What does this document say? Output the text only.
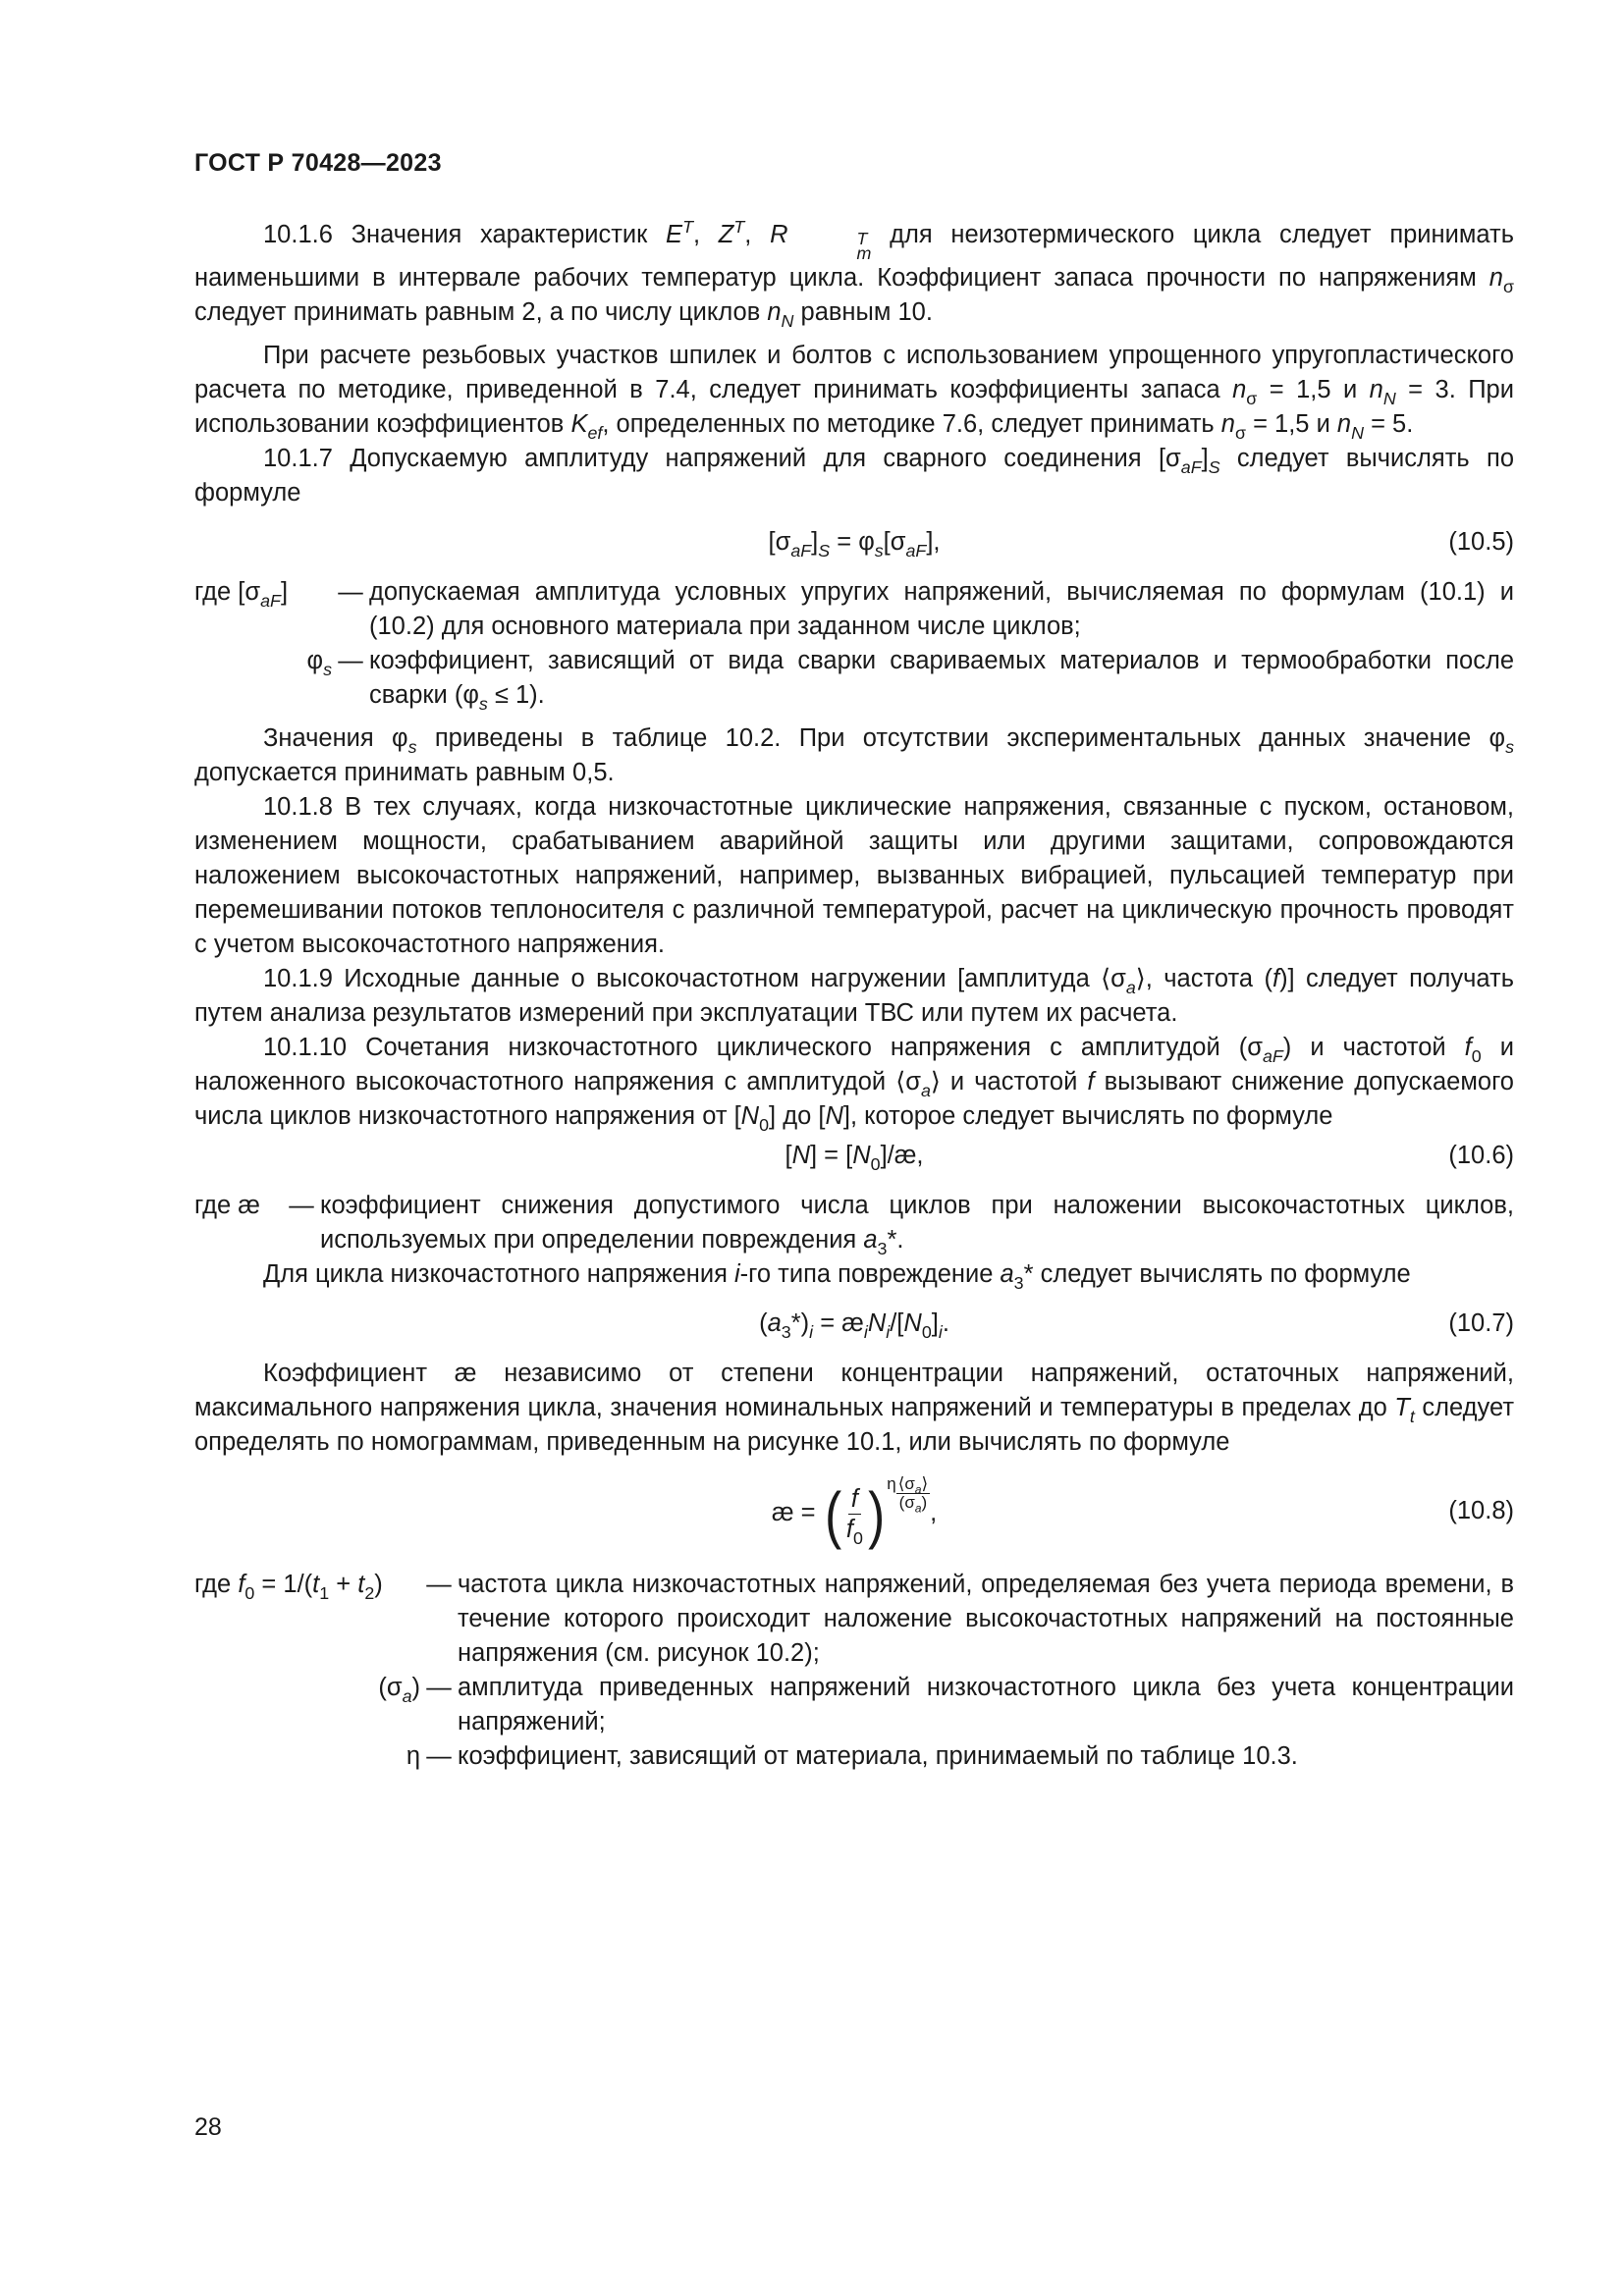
ГОСТ Р 70428—2023

10.1.6 Значения характеристик $E^T$, $Z^T$, R	T
m
для неизотермического цикла следует принимать наименьшими в интервале рабочих температур цикла. Коэффициент запаса прочности по напряжениям $n_\sigma$ следует принимать равным 2, а по числу циклов $n_N$ равным 10.

При расчете резьбовых участков шпилек и болтов с использованием упрощенного упругопластического расчета по методике, приведенной в 7.4, следует принимать коэффициенты запаса $n_\sigma = 1,5$ и $n_N = 3$. При использовании коэффициентов $K_{ef}$, определенных по методике 7.6, следует принимать $n_\sigma = 1,5$ и $n_N = 5$.

10.1.7 Допускаемую амплитуду напряжений для сварного соединения $[\sigma_{aF}]_S$ следует вычислять по формуле

$[\sigma_{aF}]_S = \varphi_s[\sigma_{aF}]$,	(10.5)
где $[\sigma_{aF}]$	— допускаемая амплитуда условных упругих напряжений, вычисляемая по формулам (10.1) и (10.2) для основного материала при заданном числе циклов;
$\varphi_s$ — коэффициент, зависящий от вида сварки свариваемых материалов и термообработки после сварки $(\varphi_s \le 1)$.

Значения $\varphi_s$ приведены в таблице 10.2. При отсутствии экспериментальных данных значение $\varphi_s$ допускается принимать равным 0,5.

10.1.8 В тех случаях, когда низкочастотные циклические напряжения, связанные с пуском, остановом, изменением мощности, срабатыванием аварийной защиты или другими защитами, сопровождаются наложением высокочастотных напряжений, например, вызванных вибрацией, пульсацией температур при перемешивании потоков теплоносителя с различной температурой, расчет на циклическую прочность проводят с учетом высокочастотного напряжения.

10.1.9 Исходные данные о высокочастотном нагружении [амплитуда $⟨\sigma_a⟩$, частота (f)] следует получать путем анализа результатов измерений при эксплуатации ТВС или путем их расчета.

10.1.10 Сочетания низкочастотного циклического напряжения с амплитудой $(\sigma_{aF})$ и частотой $f_0$ и наложенного высокочастотного напряжения с амплитудой $⟨\sigma_a⟩$ и частотой f вызывают снижение допускаемого числа циклов низкочастотного напряжения от $[N_0]$ до [N], которое следует вычислять по формуле

$[N] = [N_0]/æ$,	(10.6)
где æ	— коэффициент снижения допустимого числа циклов при наложении высокочастотных циклов, используемых при определении повреждения $a_3*$.

Для цикла низкочастотного напряжения i-го типа повреждение $a_3*$ следует вычислять по формуле

$(a_3*)_i$ = $æ_iN_i/[N_0]_i$.	(10.7)

Коэффициент æ независимо от степени концентрации напряжений, остаточных напряжений, максимального напряжения цикла, значения номинальных напряжений и температуры в пределах до $T_t$ следует определять по номограммам, приведенным на рисунке 10.1, или вычислять по формуле

æ = ( $\frac{f}{f_0}$ ) η $⟨\sigma_a⟩$
$(\sigma_a)$ ,	(10.8)
где $f_0 = 1/(t_1 + t_2)$	— частота цикла низкочастотных напряжений, определяемая без учета периода времени, в течение которого происходит наложение высокочастотных напряжений на постоянные напряжения (см. рисунок 10.2);
$(\sigma_a)$ — амплитуда приведенных напряжений низкочастотного цикла без учета концентрации напряжений;
η — коэффициент, зависящий от материала, принимаемый по таблице 10.3.
28
